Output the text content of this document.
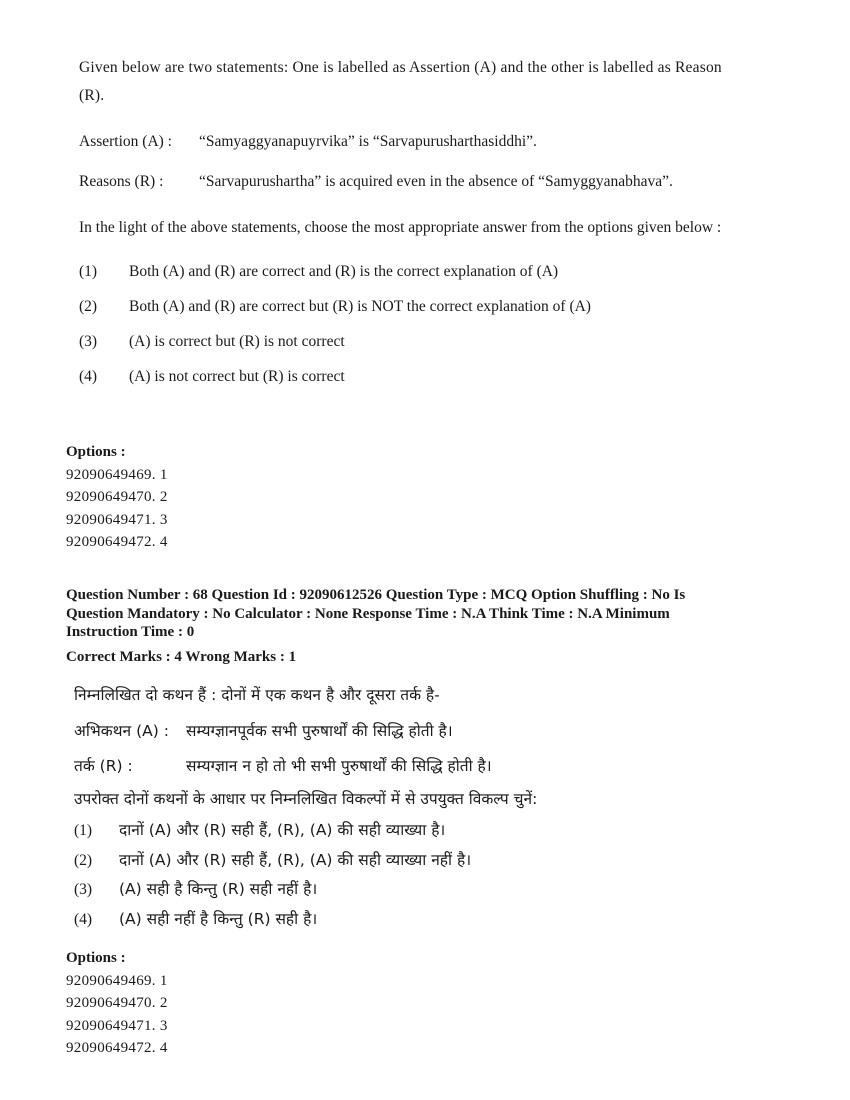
Given below are two statements: One is labelled as Assertion (A) and the other is labelled as Reason (R).

Assertion (A) :	“Samyaggyanapuyrvika” is “Sarvapurusharthasiddhi”.
Reasons (R) :	“Sarvapurushartha” is acquired even in the absence of “Samyggyanabhava”.

In the light of the above statements, choose the most appropriate answer from the options given below :

(1)	Both (A) and (R) are correct and (R) is the correct explanation of (A)
(2)	Both (A) and (R) are correct but (R) is NOT the correct explanation of (A)
(3)	(A) is correct but (R) is not correct
(4)	(A) is not correct but (R) is correct
Options :
92090649469. 1
92090649470. 2
92090649471. 3
92090649472. 4
Question Number : 68 Question Id : 92090612526 Question Type : MCQ Option Shuffling : No Is
Question Mandatory : No Calculator : None Response Time : N.A Think Time : N.A Minimum
Instruction Time : 0
Correct Marks : 4 Wrong Marks : 1

निम्नलिखित दो कथन हैं : दोनों में एक कथन है और दूसरा तर्क है-

अभिकथन (A) :	सम्यग्ज्ञानपूर्वक सभी पुरुषार्थों की सिद्धि होती है।
तर्क (R) :	सम्यग्ज्ञान न हो तो भी सभी पुरुषार्थों की सिद्धि होती है।

उपरोक्त दोनों कथनों के आधार पर निम्नलिखित विकल्पों में से उपयुक्त विकल्प चुनें:

(1)	दानों (A) और (R) सही हैं, (R), (A) की सही व्याख्या है।
(2)	दानों (A) और (R) सही हैं, (R), (A) की सही व्याख्या नहीं है।
(3)	(A) सही है किन्तु (R) सही नहीं है।
(4)	(A) सही नहीं है किन्तु (R) सही है।
Options :
92090649469. 1
92090649470. 2
92090649471. 3
92090649472. 4
